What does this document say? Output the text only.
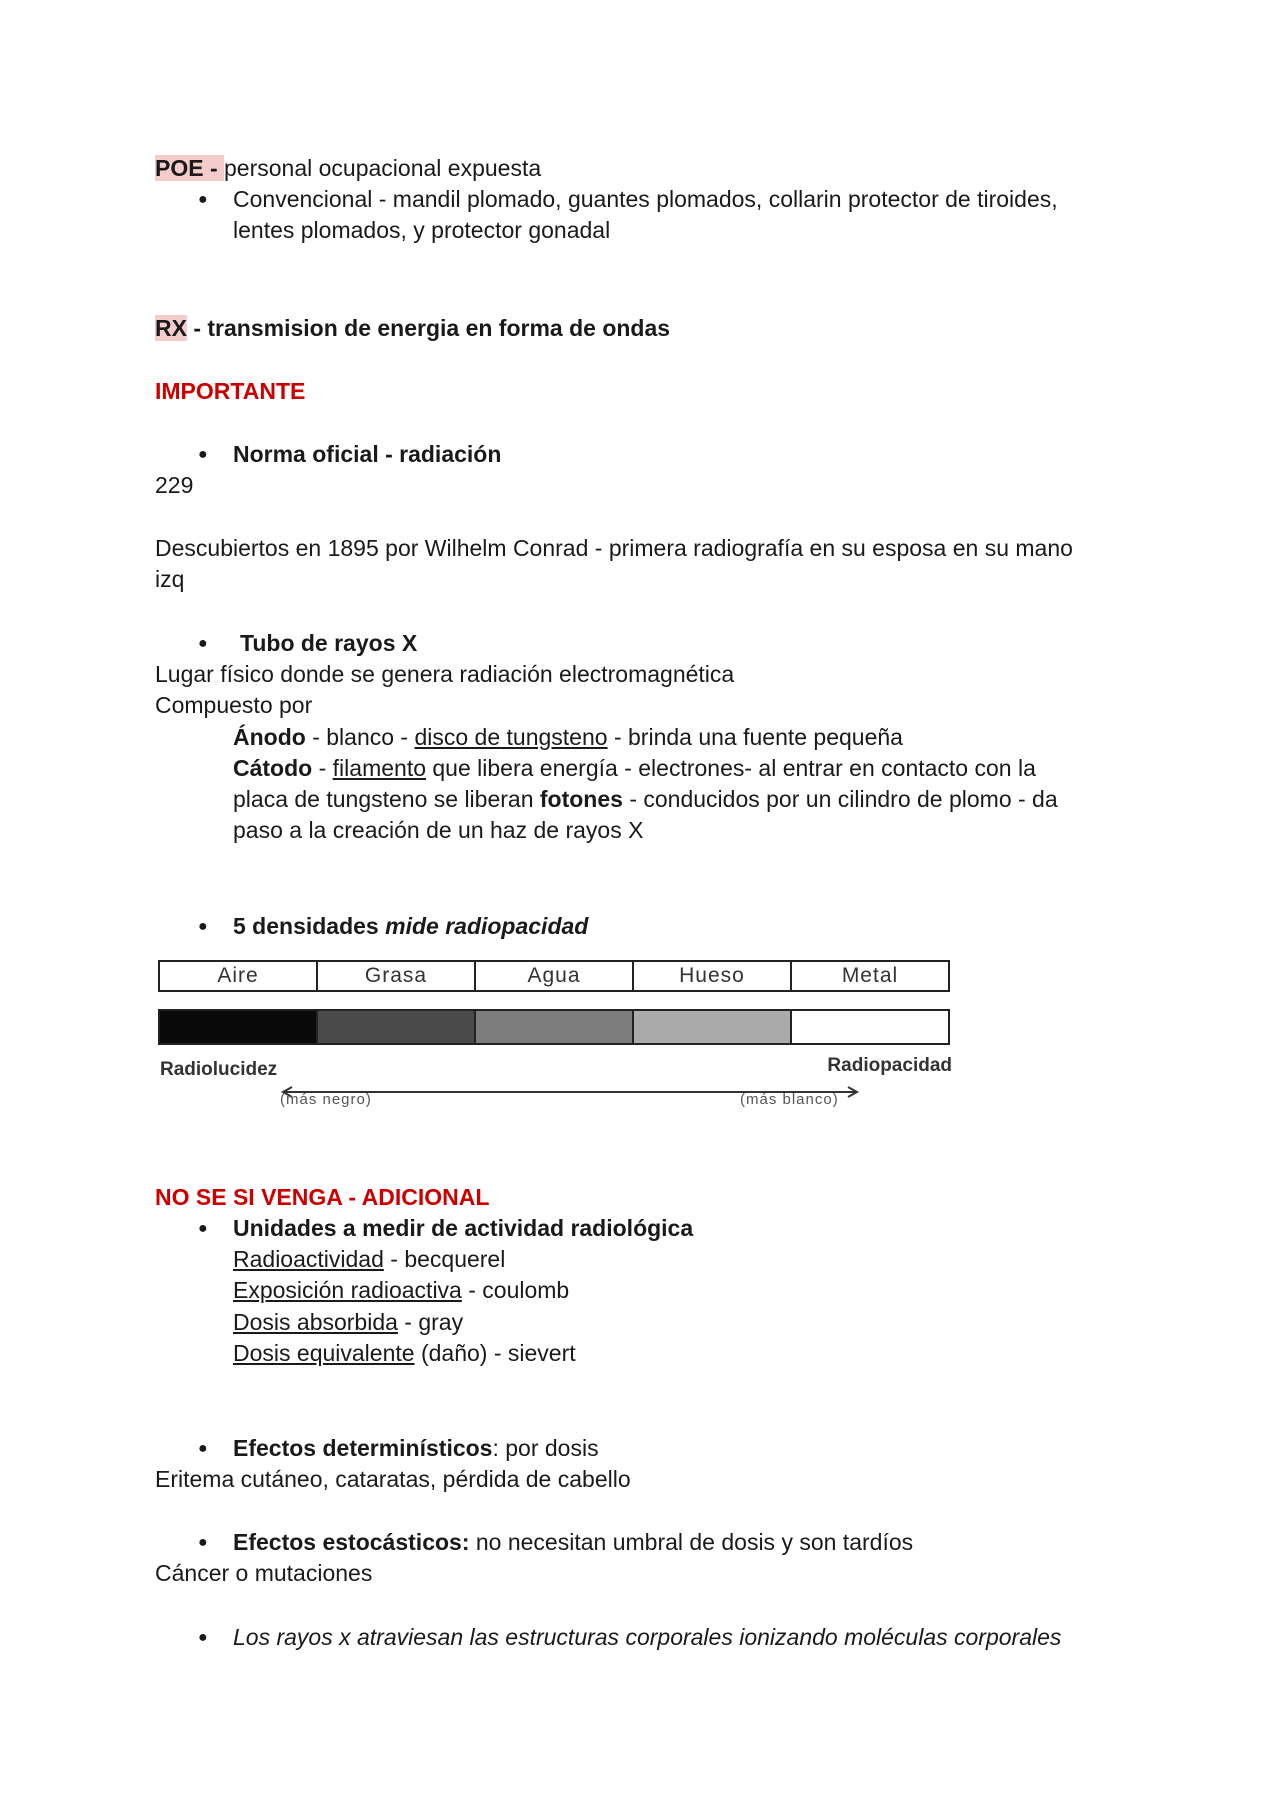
POE - personal ocupacional expuesta
● Convencional - mandil plomado, guantes plomados, collarin protector de tiroides,
lentes plomados, y protector gonadal
RX - transmision de energia en forma de ondas
IMPORTANTE
● Norma oficial - radiación
229
Descubiertos en 1895 por Wilhelm Conrad - primera radiografía en su esposa en su mano
izq
● Tubo de rayos X
Lugar físico donde se genera radiación electromagnética
Compuesto por
Ánodo - blanco - disco de tungsteno - brinda una fuente pequeña
Cátodo - filamento que libera energía - electrones- al entrar en contacto con la
placa de tungsteno se liberan fotones - conducidos por un cilindro de plomo - da
paso a la creación de un haz de rayos X
● 5 densidades mide radiopacidad
Aire	Grasa	Agua	Hueso	Metal
Radiolucidez	Radiopacidad
(más negro)	(más blanco)
NO SE SI VENGA - ADICIONAL
● Unidades a medir de actividad radiológica
Radioactividad - becquerel
Exposición radioactiva - coulomb
Dosis absorbida - gray
Dosis equivalente (daño) - sievert
● Efectos determinísticos: por dosis
Eritema cutáneo, cataratas, pérdida de cabello
● Efectos estocásticos: no necesitan umbral de dosis y son tardíos
Cáncer o mutaciones
● Los rayos x atraviesan las estructuras corporales ionizando moléculas corporales
